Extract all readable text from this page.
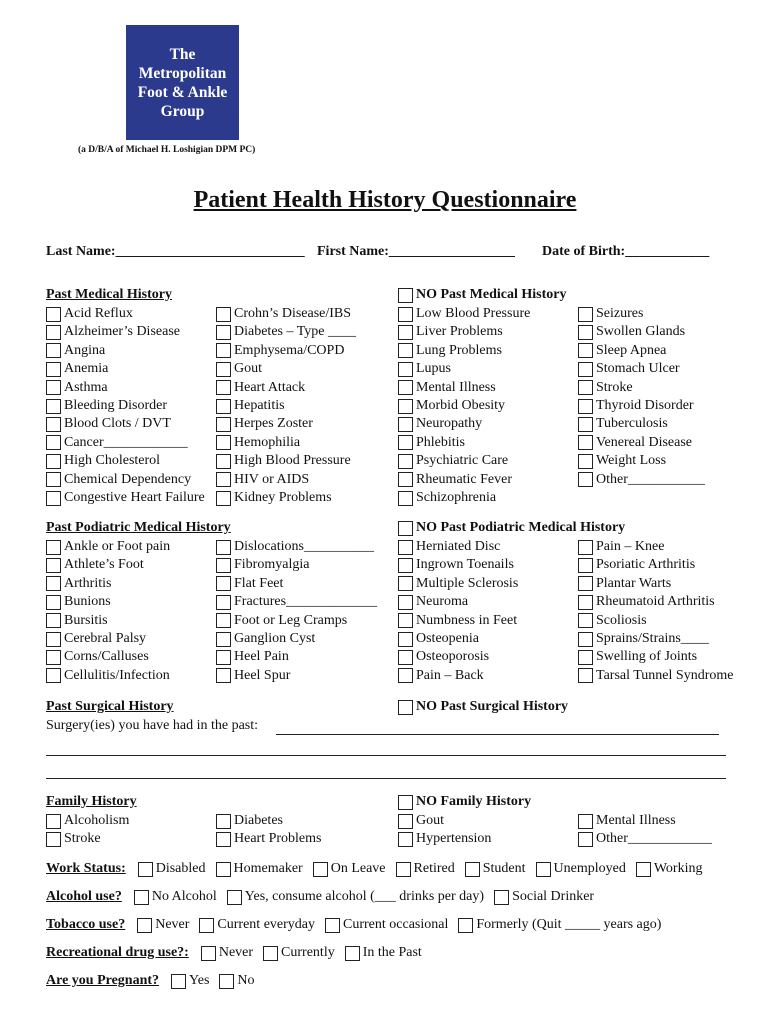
The
Metropolitan
Foot & Ankle
Group
(a D/B/A of Michael H. Loshigian DPM PC)
Patient Health History Questionnaire
Last Name:___________________________ First Name:__________________ Date of Birth:____________
Past Medical History	NO Past Medical History
Acid Reflux
Alzheimer’s Disease
Angina
Anemia
Asthma
Bleeding Disorder
Blood Clots / DVT
Cancer____________
High Cholesterol
Chemical Dependency
Congestive Heart Failure
Crohn’s Disease/IBS
Diabetes – Type ____
Emphysema/COPD
Gout
Heart Attack
Hepatitis
Herpes Zoster
Hemophilia
High Blood Pressure
HIV or AIDS
Kidney Problems
Low Blood Pressure
Liver Problems
Lung Problems
Lupus
Mental Illness
Morbid Obesity
Neuropathy
Phlebitis
Psychiatric Care
Rheumatic Fever
Schizophrenia
Seizures
Swollen Glands
Sleep Apnea
Stomach Ulcer
Stroke
Thyroid Disorder
Tuberculosis
Venereal Disease
Weight Loss
Other___________
Past Podiatric Medical History	NO Past Podiatric Medical History
Ankle or Foot pain
Athlete’s Foot
Arthritis
Bunions
Bursitis
Cerebral Palsy
Corns/Calluses
Cellulitis/Infection
Dislocations__________
Fibromyalgia
Flat Feet
Fractures_____________
Foot or Leg Cramps
Ganglion Cyst
Heel Pain
Heel Spur
Herniated Disc
Ingrown Toenails
Multiple Sclerosis
Neuroma
Numbness in Feet
Osteopenia
Osteoporosis
Pain – Back
Pain – Knee
Psoriatic Arthritis
Plantar Warts
Rheumatoid Arthritis
Scoliosis
Sprains/Strains____
Swelling of Joints
Tarsal Tunnel Syndrome
Past Surgical History	NO Past Surgical History
Surgery(ies) you have had in the past:
Family History	NO Family History
Alcoholism
Stroke
Diabetes
Heart Problems
Gout
Hypertension
Mental Illness
Other____________
Work Status: Disabled Homemaker On Leave Retired Student Unemployed Working
Alcohol use? No Alcohol Yes, consume alcohol (___ drinks per day) Social Drinker
Tobacco use? Never Current everyday Current occasional Formerly (Quit _____ years ago)
Recreational drug use?: Never Currently In the Past
Are you Pregnant? Yes No
